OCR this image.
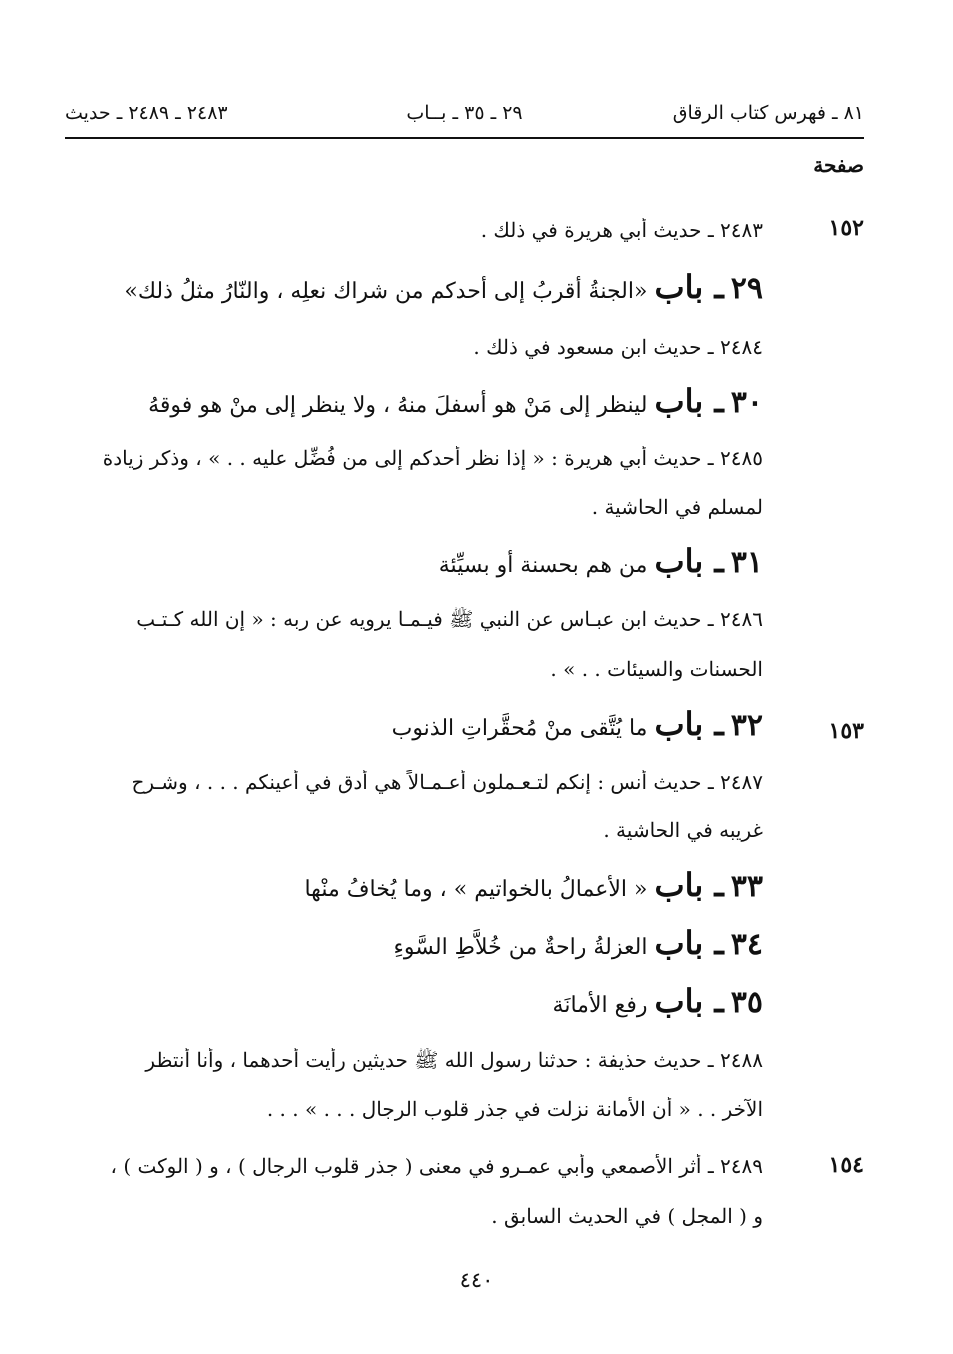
٨١ ـ فهرس كتاب الرقاق
٢٩ ـ ٣٥ ـ بــاب
٢٤٨٣ ـ ٢٤٨٩ ـ حديث
صفحة
١٥٢
٢٤٨٣ ـ حديث أبي هريرة في ذلك .
٢٩ ـ باب «الجنةُ أقربُ إلى أحدكم من شراك نعلِه ، والنّارُ مثلُ ذلك»
٢٤٨٤ ـ حديث ابن مسعود في ذلك .
٣٠ ـ باب لينظر إلى مَنْ هو أسفلَ منهُ ، ولا ينظر إلى منْ هو فوقهُ
٢٤٨٥ ـ حديث أبي هريرة : « إذا نظر أحدكم إلى من فُضِّل عليه . . » ، وذكر زيادة
لمسلم في الحاشية .
٣١ ـ باب من هم بحسنة أو بسيِّئة
٢٤٨٦ ـ حديث ابن عبـاس عن النبي ﷺ فيـمـا يرويه عن ربه : « إن الله كـتـب
الحسنات والسيئات . . » .
١٥٣
٣٢ ـ باب ما يُتَّقى منْ مُحقَّراتِ الذنوب
٢٤٨٧ ـ حديث أنس : إنكم لتـعـملون أعـمـالاً هي أدق في أعينكم . . . ، وشـرح
غريبه في الحاشية .
٣٣ ـ باب « الأعمالُ بالخواتيم » ، وما يُخافُ منْها
٣٤ ـ باب العزلةُ راحةٌ من خُلاَّطِ السَّوءِ
٣٥ ـ باب رفع الأمانَة
٢٤٨٨ ـ حديث حذيفة : حدثنا رسول الله ﷺ حديثين رأيت أحدهما ، وأنا أنتظر
الآخر . . « أن الأمانة نزلت في جذر قلوب الرجال . . . » . . .
١٥٤
٢٤٨٩ ـ أثر الأصمعي وأبي عمـرو في معنى ( جذر قلوب الرجال ) ، و ( الوكت ) ،
و ( المجل ) في الحديث السابق .
٤٤٠
